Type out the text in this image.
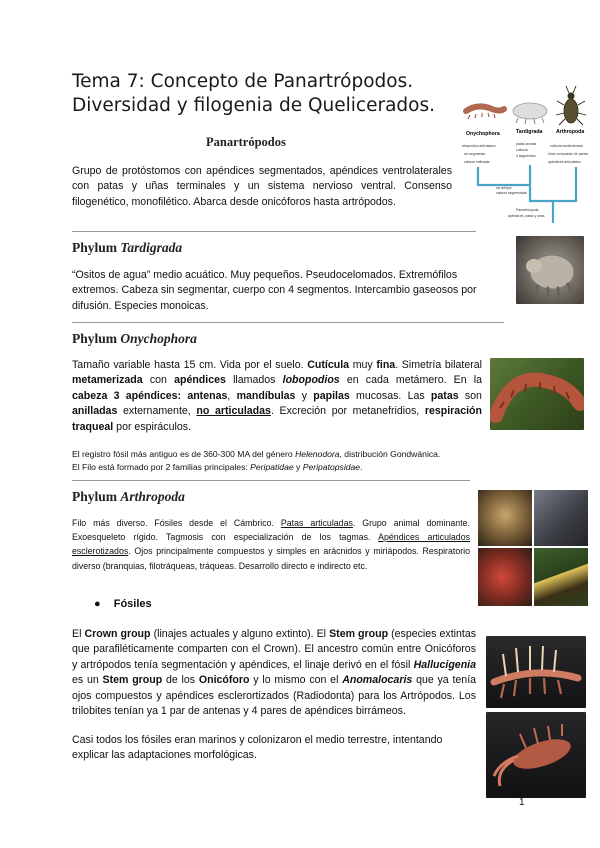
Tema 7: Concepto de Panartrópodos.
Diversidad y filogenia de Quelicerados.
Onychophora	Tardigrada	Arthropoda
lobopodios articulados
sin segmentar
cabeza unificada
patas anchas
cutícula
4 segmentos
cutícula esclerotizada
tórax compuesto de partes
apéndices articulados
sin artejos
cabeza segmentada
Panarthropoda
apéndices, patas y uñas
Panartrópodos
Grupo de protóstomos con apéndices segmentados, apéndices ventrolaterales con patas y uñas terminales y un sistema nervioso ventral. Consenso filogenético, monofilético. Abarca desde onicóforos hasta artrópodos.
Phylum Tardigrada
“Ositos de agua” medio acuático. Muy pequeños. Pseudocelomados. Extremófilos extremos. Cabeza sin segmentar, cuerpo con 4 segmentos. Intercambio gaseosos por difusión. Especies monoicas.
Phylum Onychophora
Tamaño variable hasta 15 cm. Vida por el suelo. Cutícula muy fina. Simetría bilateral metamerizada con apéndices llamados lobopodios en cada metámero. En la cabeza 3 apéndices: antenas, mandíbulas y papilas mucosas. Las patas son anilladas externamente, no articuladas. Excreción por metanefridios, respiración traqueal por espiráculos.
El registro fósil más antiguo es de 360-300 MA del género Helenodora, distribución Gondwánica.
El Filo está formado por 2 familias principales: Peripatidae y Peripatopsidae.
Phylum Arthropoda
Filo más diverso. Fósiles desde el Cámbrico. Patas articuladas. Grupo animal dominante. Exoesqueleto rígido. Tagmosis con especialización de los tagmas. Apéndices articulados esclerotizados. Ojos principalmente compuestos y simples en arácnidos y miriápodos. Respiratorio diverso (branquias, filotráqueas, tráqueas. Desarrollo directo e indirecto etc.
● Fósiles
El Crown group (linajes actuales y alguno extinto). El Stem group (especies extintas que parafiléticamente comparten con el Crown). El ancestro común entre Onicóforos y artrópodos tenía segmentación y apéndices, el linaje derivó en el fósil Hallucigenia es un Stem group de los Onicóforo y lo mismo con el Anomalocaris que ya tenía ojos compuestos y apéndices esclerortizados (Radiodonta) para los Artrópodos. Los trilobites tenían ya 1 par de antenas y 4 pares de apéndices birrámeos.
Casi todos los fósiles eran marinos y colonizaron el medio terrestre, intentando explicar las adaptaciones morfológicas.
1
